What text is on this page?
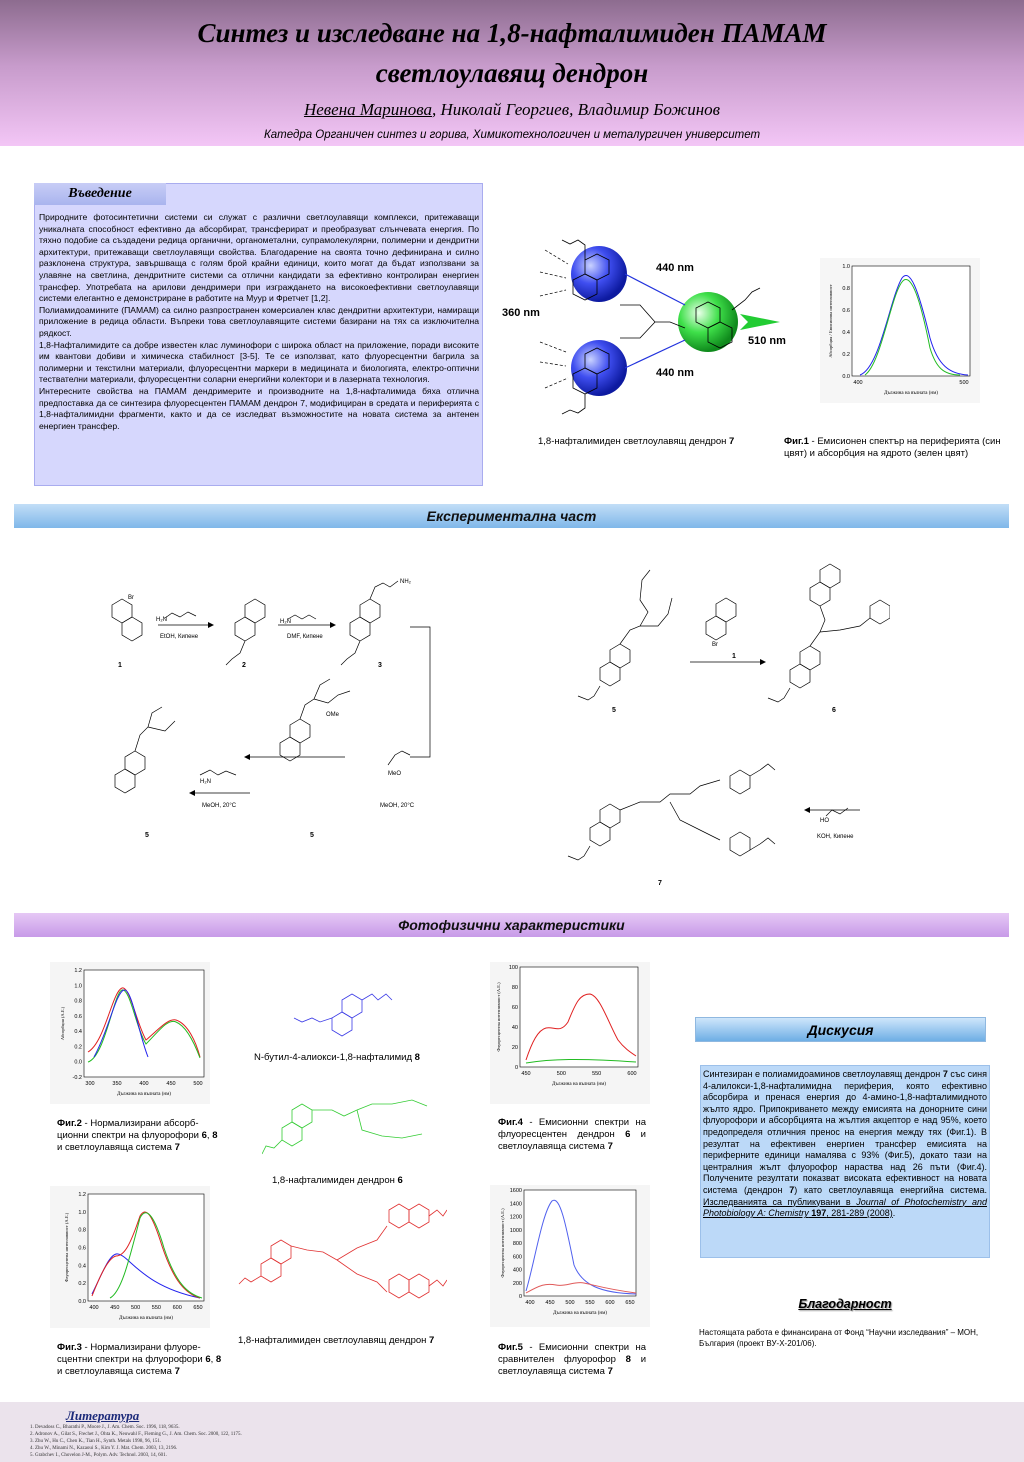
Синтез и изследване на 1,8-нафталимиден ПАМАМ
светлоулавящ дендрон
Невена Маринова, Николай Георгиев, Владимир Божинов
Катедра Органичен синтез и горива, Химикотехнологичен и металургичен университет
Въведение

Природните фотосинтетични системи си служат с различни светлоулавящи комплекси, притежаващи уникалната способност ефективно да абсорбират, трансферират и преобразуват слънчевата енергия. По тяхно подобие са създадени редица органични, органометални, супрамолекулярни, полимерни и дендритни архитектури, притежаващи светлоулавящи свойства. Благодарение на своята точно дефинирана и силно разклонена структура, завършваща с голям брой крайни единици, които могат да бъдат използвани за улавяне на светлина, дендритните системи са отлични кандидати за ефективно контролиран енергиен трансфер. Употребата на арилови дендримери при изграждането на високоефективни светлоулавящи системи елегантно е демонстриране в работите на Муур и Фретчет [1,2].

Полиамидоамините (ПАМАМ) са силно разпространен комерсиален клас дендритни архитектури, намиращи приложение в редица области. Въпреки това светлоулавящите системи базирани на тях са изключителна рядкост.

1,8-Нафталимидите са добре известен клас луминофори с широка област на приложение, поради високите им квантови добиви и химическа стабилност [3-5]. Те се използват, като флуоресцентни багрила за полимерни и текстилни материали, флуоресцентни маркери в медицината и биологията, електро-оптични тествателни материали, флуоресцентни соларни енергийни колектори и в лазерната технология.

Интересните свойства на ПАМАМ дендримерите и производните на 1,8-нафталимида бяха отлична предпоставка да се синтезира флуоресцентен ПАМАМ дендрон 7, модифициран в средата и периферията с 1,8-нафталимидни фрагменти, както и да се изследват възможностите на новата система за антенен енергиен трансфер.

440 nm
440 nm
360 nm
510 nm
1,8-нафталимиден светлоулавящ дендрон 7
0.0
0.2
0.4
0.6
0.8
1.0
400	500
Дължина на вълната (нм)
Абсорбция / Емисионна интензивност
Фиг.1 - Емисионен спектър на периферията (син цвят) и абсорбция на ядрото (зелен цвят)
Експериментална част
1	2	3
5
5
EtOH, Кипене	DMF, Кипене
MeOH, 20°C
MeOH, 20°C
H₂N	H₂N
H₂N
NH₂
OMe
MeO
Br
5	6
7
1
KOH, Кипене
Br
HO
Фотофизични характеристики
-0.2
0.0
0.2
0.4
0.6
0.8
1.0
1.2
300	350	400	450	500
Дължина на вълната (нм)
Абсорбция (A.E.)
Фиг.2 - Нормализирани абсорб-ционни спектри на флуорофори 6, 8 и светлоулавяща система 7
0.0
0.2
0.4
0.6
0.8
1.0
1.2
400 450 500 550 600 650
Дължина на вълната (нм)
Флуоресцентна интензивност (A.E.)
Фиг.3 - Нормализирани флуоре-сцентни спектри на флуорофори 6, 8 и светлоулавяща система 7
N-бутил-4-алиокси-1,8-нафталимид 8
1,8-нафталимиден дендрон 6
1,8-нафталимиден светлоулавящ дендрон 7
0
20
40
60
80
100
450	500	550	600
Дължина на вълната (нм)
Флуоресцентна интензивност (A.E.)
Фиг.4 - Емисионни спектри на флуоресцентен дендрон 6 и светлоулавяща система 7
0
200
400
600
800
1000
1200
1400
1600
400 450 500 550 600 650
Дължина на вълната (нм)
Флуоресцентна интензивност (A.E.)
Фиг.5 - Емисионни спектри на сравнителен флуорофор 8 и светлоулавяща система 7
Дискусия
Синтезиран е полиамидоаминов светлоулавящ дендрон 7 със синя 4-алилокси-1,8-нафталимидна периферия, която ефективно абсорбира и пренася енергия до 4-амино-1,8-нафталимидното жълто ядро. Припокриването между емисията на донорните сини флуорофори и абсорбцията на жълтия акцептор е над 95%, което предопределя отличния пренос на енергия между тях (Фиг.1). В резултат на ефективен енергиен трансфер емисията на периферните единици намалява с 93% (Фиг.5), докато тази на централния жълт флуорофор нараства над 26 пъти (Фиг.4). Получените резултати показват високата ефективност на новата система (дендрон 7) като светлоулавяща енергийна система. Изследванията са публикувани в Journal of Photochemistry and Photobiology A: Chemistry 197, 281-289 (2008).
Благодарност
Настоящата работа е финансирана от Фонд “Научни изследвания” – МОН, България (проект ВУ-Х-201/06).
Литература
1. Devadoss C., Bharathi P., Moore J., J. Am. Chem. Soc. 1996, 118, 9635.
2. Adronov A., Gilat S., Frechet J., Ohta K., Neuwahl F., Fleming G., J. Am. Chem. Soc. 2000, 122, 1175.
3. Zhu W., Hu C., Chen K., Tian H., Synth. Metals 1998, 96, 151.
4. Zhu W., Minami N., Kazaoui S., Kim Y. J. Mat. Chem. 2003, 13, 2196.
5. Grabchev I., Chovelon J-M., Polym. Adv. Technol. 2003, 14, 601.
